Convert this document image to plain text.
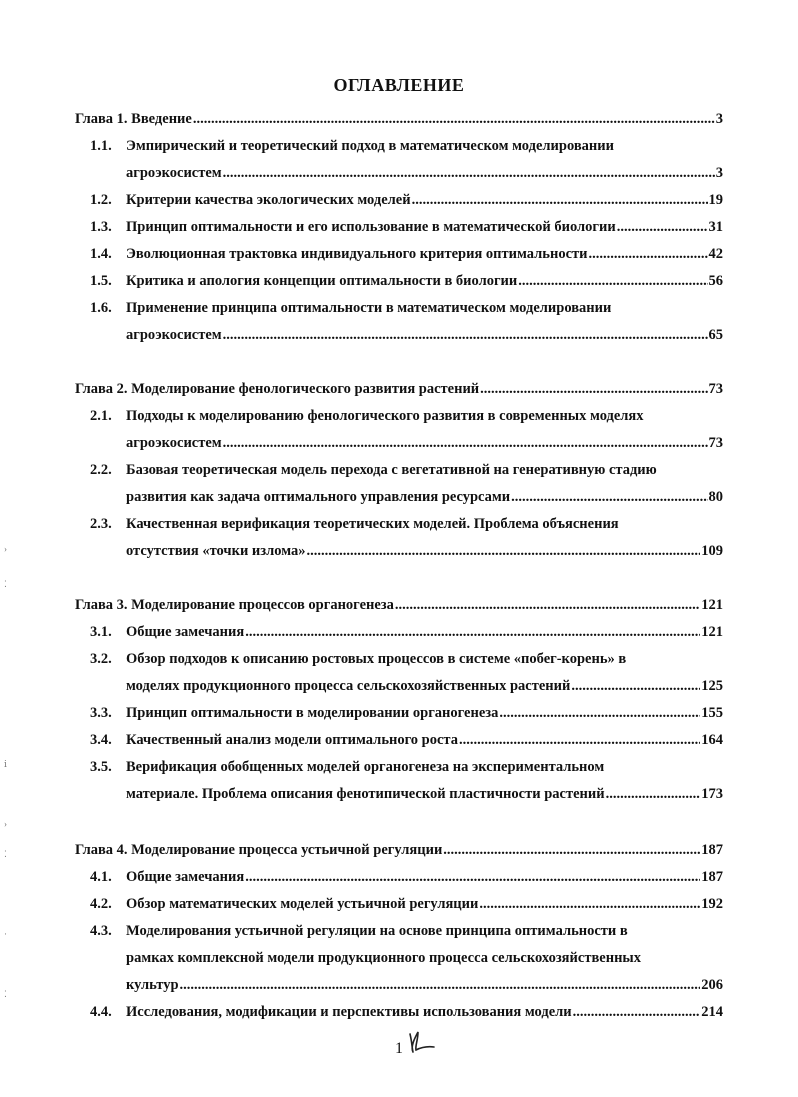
ОГЛАВЛЕНИЕ
Глава 1. Введение .....	3
1.1. Эмпирический и теоретический подход в математическом моделировании
агроэкосистем .....	3
1.2. Критерии качества экологических моделей .....	19
1.3. Принцип оптимальности и его использование в математической биологии .....	31
1.4. Эволюционная трактовка индивидуального критерия оптимальности .....	42
1.5. Критика и апология концепции оптимальности в биологии .....	56
1.6. Применение принципа оптимальности в математическом моделировании
агроэкосистем .....	65
Глава 2. Моделирование фенологического развития растений .....	73
2.1. Подходы к моделированию фенологического развития в современных моделях
агроэкосистем .....	73
2.2. Базовая теоретическая модель перехода с вегетативной на генеративную стадию
развития как задача оптимального управления ресурсами .....	80
2.3. Качественная верификация теоретических моделей. Проблема объяснения
отсутствия «точки излома» .....	109
Глава 3. Моделирование процессов органогенеза .....	121
3.1. Общие замечания .....	121
3.2. Обзор подходов к описанию ростовых процессов в системе «побег-корень» в
моделях продукционного процесса сельскохозяйственных растений .....	125
3.3. Принцип оптимальности в моделировании органогенеза .....	155
3.4. Качественный анализ модели оптимального роста .....	164
3.5. Верификация обобщенных моделей органогенеза на экспериментальном
материале. Проблема описания фенотипической пластичности растений .....	173
Глава 4. Моделирование процесса устьичной регуляции .....	187
4.1. Общие замечания .....	187
4.2. Обзор математических моделей устьичной регуляции .....	192
4.3. Моделирования устьичной регуляции на основе принципа оптимальности в
рамках комплексной модели продукционного процесса сельскохозяйственных
культур .....	206
4.4. Исследования, модификации и перспективы использования модели .....	214
›
⁚
ⅰ
›
⁚
·
⁚
1
